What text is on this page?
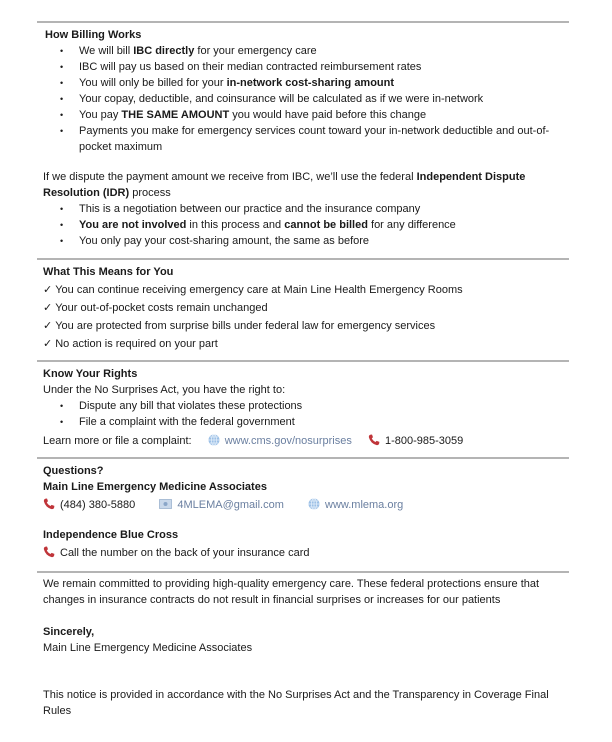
How Billing Works
• We will bill IBC directly for your emergency care
• IBC will pay us based on their median contracted reimbursement rates
• You will only be billed for your in-network cost-sharing amount
• Your copay, deductible, and coinsurance will be calculated as if we were in-network
• You pay THE SAME AMOUNT you would have paid before this change
• Payments you make for emergency services count toward your in-network deductible and out-of-pocket maximum

If we dispute the payment amount we receive from IBC, we’ll use the federal Independent Dispute Resolution (IDR) process

• This is a negotiation between our practice and the insurance company
• You are not involved in this process and cannot be billed for any difference
• You only pay your cost-sharing amount, the same as before
What This Means for You
✓ You can continue receiving emergency care at Main Line Health Emergency Rooms
✓ Your out-of-pocket costs remain unchanged
✓ You are protected from surprise bills under federal law for emergency services
✓ No action is required on your part
Know Your Rights

Under the No Surprises Act, you have the right to:

• Dispute any bill that violates these protections
• File a complaint with the federal government
Learn more or file a complaint:	www.cms.gov/nosurprises	1-800-985-3059
Questions?
Main Line Emergency Medicine Associates
(484) 380-5880	4MLEMA@gmail.com	www.mlema.org
Independence Blue Cross
Call the number on the back of your insurance card

We remain committed to providing high-quality emergency care. These federal protections ensure that changes in insurance contracts do not result in financial surprises or increases for our patients

Sincerely,
Main Line Emergency Medicine Associates

This notice is provided in accordance with the No Surprises Act and the Transparency in Coverage Final Rules
